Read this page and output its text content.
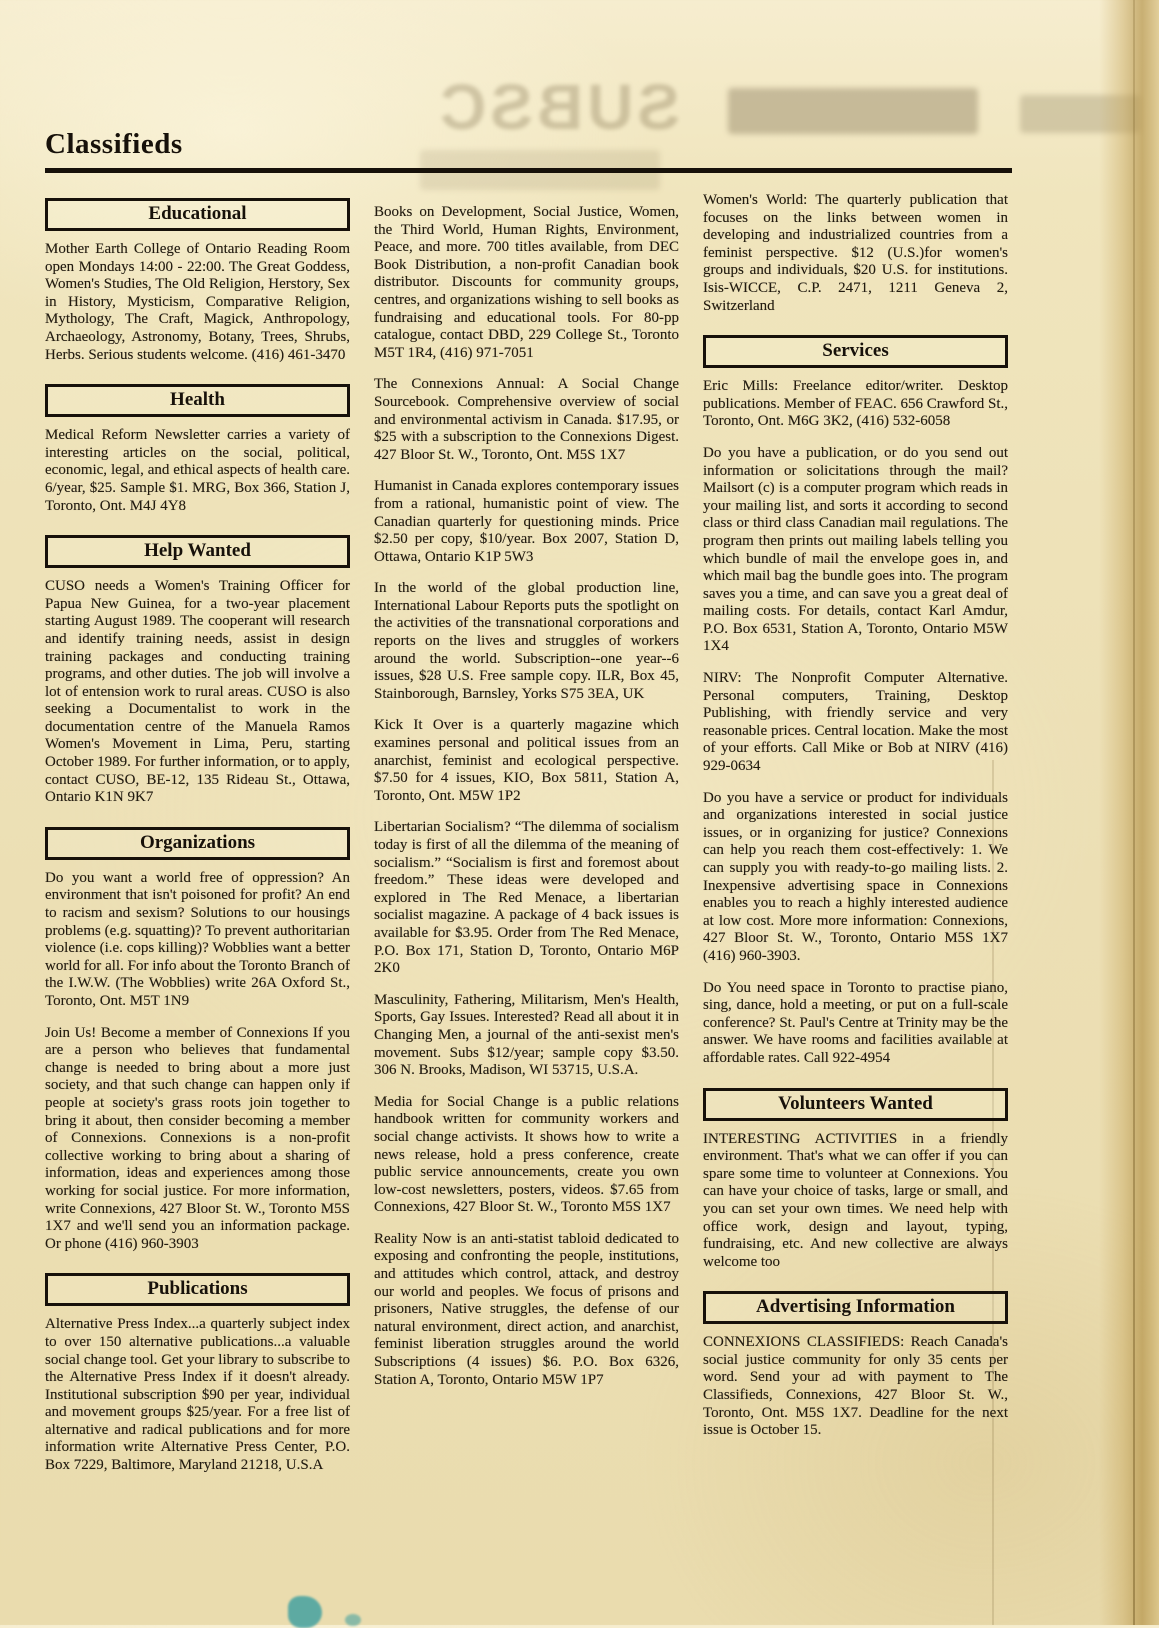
SUBSC
Classifieds
Educational

Mother Earth College of Ontario Reading Room open Mondays 14:00 - 22:00. The Great Goddess, Women's Studies, The Old Religion, Herstory, Sex in History, Mysticism, Comparative Religion, Mythology, The Craft, Magick, Anthropology, Archaeology, Astronomy, Botany, Trees, Shrubs, Herbs. Serious students welcome. (416) 461-3470

Health

Medical Reform Newsletter carries a variety of interesting articles on the social, political, economic, legal, and ethical aspects of health care. 6/year, $25. Sample $1. MRG, Box 366, Station J, Toronto, Ont. M4J 4Y8

Help Wanted

CUSO needs a Women's Training Officer for Papua New Guinea, for a two-year placement starting August 1989. The cooperant will research and identify training needs, assist in design training packages and conducting training programs, and other duties. The job will involve a lot of entension work to rural areas. CUSO is also seeking a Documentalist to work in the documentation centre of the Manuela Ramos Women's Movement in Lima, Peru, starting October 1989. For further information, or to apply, contact CUSO, BE-12, 135 Rideau St., Ottawa, Ontario K1N 9K7

Organizations

Do you want a world free of oppression? An environment that isn't poisoned for profit? An end to racism and sexism? Solutions to our housings problems (e.g. squatting)? To prevent authoritarian violence (i.e. cops killing)? Wobblies want a better world for all. For info about the Toronto Branch of the I.W.W. (The Wobblies) write 26A Oxford St., Toronto, Ont. M5T 1N9

Join Us! Become a member of Connexions If you are a person who believes that fundamental change is needed to bring about a more just society, and that such change can happen only if people at society's grass roots join together to bring it about, then consider becoming a member of Connexions. Connexions is a non-profit collective working to bring about a sharing of information, ideas and experiences among those working for social justice. For more information, write Connexions, 427 Bloor St. W., Toronto M5S 1X7 and we'll send you an information package. Or phone (416) 960-3903

Publications

Alternative Press Index...a quarterly subject index to over 150 alternative publications...a valuable social change tool. Get your library to subscribe to the Alternative Press Index if it doesn't already. Institutional subscription $90 per year, individual and movement groups $25/year. For a free list of alternative and radical publications and for more information write Alternative Press Center, P.O. Box 7229, Baltimore, Maryland 21218, U.S.A

Books on Development, Social Justice, Women, the Third World, Human Rights, Environment, Peace, and more. 700 titles available, from DEC Book Distribution, a non-profit Canadian book distributor. Discounts for community groups, centres, and organizations wishing to sell books as fundraising and educational tools. For 80-pp catalogue, contact DBD, 229 College St., Toronto M5T 1R4, (416) 971-7051

The Connexions Annual: A Social Change Sourcebook. Comprehensive overview of social and environmental activism in Canada. $17.95, or $25 with a subscription to the Connexions Digest. 427 Bloor St. W., Toronto, Ont. M5S 1X7

Humanist in Canada explores contemporary issues from a rational, humanistic point of view. The Canadian quarterly for questioning minds. Price $2.50 per copy, $10/year. Box 2007, Station D, Ottawa, Ontario K1P 5W3

In the world of the global production line, International Labour Reports puts the spotlight on the activities of the transnational corporations and reports on the lives and struggles of workers around the world. Subscription--one year--6 issues, $28 U.S. Free sample copy. ILR, Box 45, Stainborough, Barnsley, Yorks S75 3EA, UK

Kick It Over is a quarterly magazine which examines personal and political issues from an anarchist, feminist and ecological perspective. $7.50 for 4 issues, KIO, Box 5811, Station A, Toronto, Ont. M5W 1P2

Libertarian Socialism? “The dilemma of socialism today is first of all the dilemma of the meaning of socialism.” “Socialism is first and foremost about freedom.” These ideas were developed and explored in The Red Menace, a libertarian socialist magazine. A package of 4 back issues is available for $3.95. Order from The Red Menace, P.O. Box 171, Station D, Toronto, Ontario M6P 2K0

Masculinity, Fathering, Militarism, Men's Health, Sports, Gay Issues. Interested? Read all about it in Changing Men, a journal of the anti-sexist men's movement. Subs $12/year; sample copy $3.50. 306 N. Brooks, Madison, WI 53715, U.S.A.

Media for Social Change is a public relations handbook written for community workers and social change activists. It shows how to write a news release, hold a press conference, create public service announcements, create you own low-cost newsletters, posters, videos. $7.65 from Connexions, 427 Bloor St. W., Toronto M5S 1X7

Reality Now is an anti-statist tabloid dedicated to exposing and confronting the people, institutions, and attitudes which control, attack, and destroy our world and peoples. We focus of prisons and prisoners, Native struggles, the defense of our natural environment, direct action, and anarchist, feminist liberation struggles around the world Subscriptions (4 issues) $6. P.O. Box 6326, Station A, Toronto, Ontario M5W 1P7

Women's World: The quarterly publication that focuses on the links between women in developing and industrialized countries from a feminist perspective. $12 (U.S.)for women's groups and individuals, $20 U.S. for institutions. Isis-WICCE, C.P. 2471, 1211 Geneva 2, Switzerland

Services

Eric Mills: Freelance editor/writer. Desktop publications. Member of FEAC. 656 Crawford St., Toronto, Ont. M6G 3K2, (416) 532-6058

Do you have a publication, or do you send out information or solicitations through the mail? Mailsort (c) is a computer program which reads in your mailing list, and sorts it according to second class or third class Canadian mail regulations. The program then prints out mailing labels telling you which bundle of mail the envelope goes in, and which mail bag the bundle goes into. The program saves you a time, and can save you a great deal of mailing costs. For details, contact Karl Amdur, P.O. Box 6531, Station A, Toronto, Ontario M5W 1X4

NIRV: The Nonprofit Computer Alternative. Personal computers, Training, Desktop Publishing, with friendly service and very reasonable prices. Central location. Make the most of your efforts. Call Mike or Bob at NIRV (416) 929-0634

Do you have a service or product for individuals and organizations interested in social justice issues, or in organizing for justice? Connexions can help you reach them cost-effectively: 1. We can supply you with ready-to-go mailing lists. 2. Inexpensive advertising space in Connexions enables you to reach a highly interested audience at low cost. More more information: Connexions, 427 Bloor St. W., Toronto, Ontario M5S 1X7 (416) 960-3903.

Do You need space in Toronto to practise piano, sing, dance, hold a meeting, or put on a full-scale conference? St. Paul's Centre at Trinity may be the answer. We have rooms and facilities available at affordable rates. Call 922-4954

Volunteers Wanted

INTERESTING ACTIVITIES in a friendly environment. That's what we can offer if you can spare some time to volunteer at Connexions. You can have your choice of tasks, large or small, and you can set your own times. We need help with office work, design and layout, typing, fundraising, etc. And new collective are always welcome too

Advertising Information

CONNEXIONS CLASSIFIEDS: Reach Canada's social justice community for only 35 cents per word. Send your ad with payment to The Classifieds, Connexions, 427 Bloor St. W., Toronto, Ont. M5S 1X7. Deadline for the next issue is October 15.
